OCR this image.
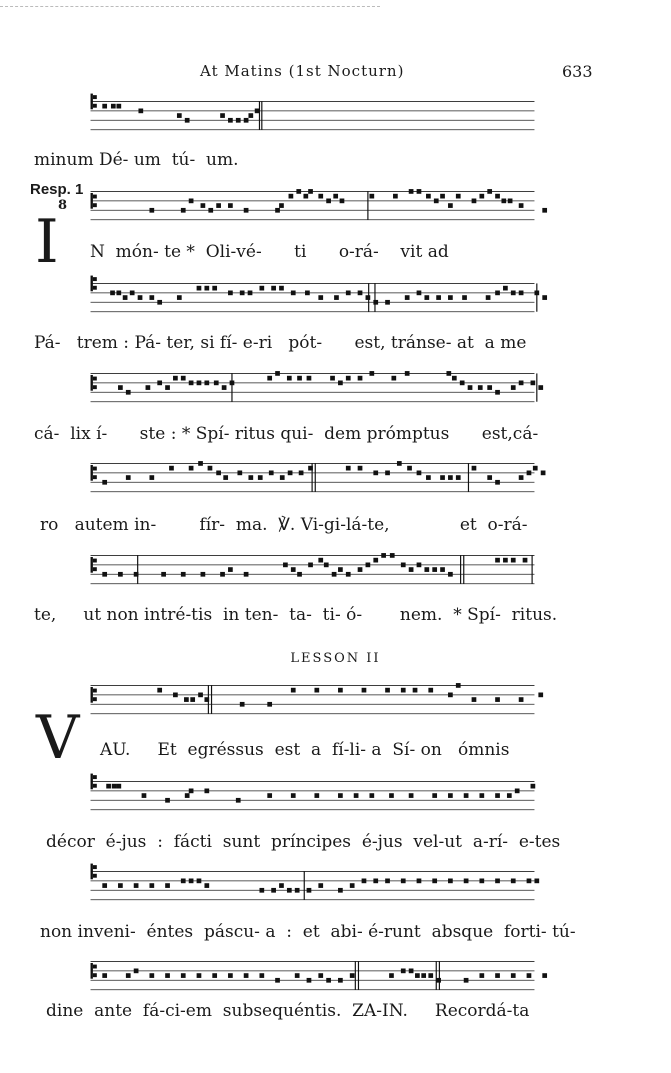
At Matins (1st Nocturn)	633
minum Dé- um  tú-  um.
Resp. 1
8
I N  món- te *  Oli-vé-      ti      o-rá-    vit ad
Pá-   trem : Pá- ter, si fí- e-ri   pót-      est, tránse- at  a me
cá-  lix í-      ste : * Spí- ritus qui-  dem prómptus      est,cá-
ro   autem in-        fír-  ma.  ℣. Vi-gi-lá-te,             et  o-rá-
te,     ut non intré-tis  in ten-  ta-  ti- ó-       nem.  * Spí-  ritus.
LESSON II
V AU.     Et  egréssus  est  a  fí-li- a  Sí- on   ómnis
décor  é-jus  :  fácti  sunt  príncipes  é-jus  vel-ut  a-rí-  e-tes
non inveni-  éntes  páscu- a  :  et  abi- é-runt  absque  forti- tú-
dine  ante  fá-ci-em  subsequéntis.  ZA-IN.     Recordá-ta
